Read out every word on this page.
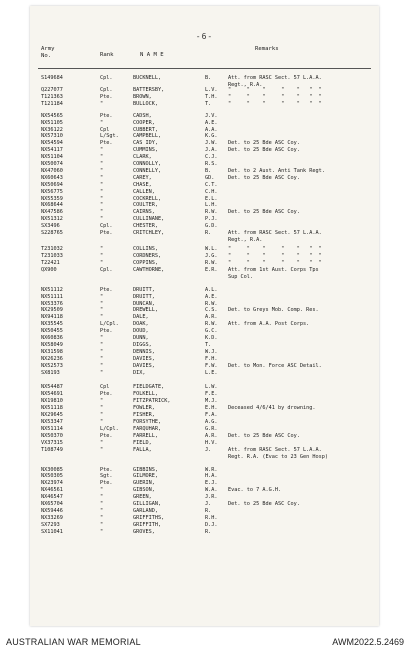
-6-
Army
No.	Rank	N A M E
Remarks
S149684	Cpl.	BUCKNELL,	B.	Att. from RASC Sect. 57 L.A.A.
Regt., R.A.
Q227077	Cpl.	BATTERSBY,	L.V. "     "    "     "    "   "  "
T121363	Pte.	BROWN,	T.H. "     "    "     "    "   "  "
T121184	"	BULLOCK,	T.	"     "    "     "    "   "  "
NX54565	Pte.	CADSH,	J.V.
NX51105	"	COOPER,	A.E.
NX36122	Cpl	CUBBERT,	A.A.
NX57310	L/Sgt.	CAMPBELL,	K.G.
NX54594	Pte.	CAS IDY,	J.W. Det. to 25 Bde ASC Coy.
NX54117	"	CUMMINS,	J.A. Det. to 25 Bde ASC Coy.
NX51104	"	CLARK,	C.J.
NX50074	"	CONNOLLY,	R.S.
NX47060	"	CONNELLY,	B.	Det. to 2 Aust. Anti Tank Regt.
NX60643	"	CAREY,	GD.	Det. to 25 Bde ASC Coy.
NX50694	"	CHASE,	C.T.
NX56775	"	CALLEN,	C.H.
NX55359	"	COCKRELL,	E.L.
NX68644	"	COULTER,	L.H.
NX47586	"	CAIRNS,	R.W. Det. to 25 Bde ASC Coy.
NX51312	"	CULLINANE,	P.J.
SX3496	Cpl.	CHESTER,	G.D.
S228765	Pte.	CRITCHLEY,	R.	Att. from RASC Sect. 57 L.A.A.
Regt., R.A.
T231032	"	COLLINS,	W.L. "     "    "     "    "   "  "
T231033	"	CORDNERS,	J.G. "     "    "     "    "   "  "
T22421	"	COPPINS,	R.W. "     "    "     "    "   "  "
QX900	Cpl.	CAWTHORNE,	E.R. Att. from 1st Aust. Corps Tps
Sup Col.
NX51112	Pte.	DRUITT,	A.L.
NX51111	"	DRUITT,	A.E.
NX53376	"	DUNCAN,	R.W.
NX29509	"	DREWELL,	C.S. Det. to Greys Mob. Comp. Res.
NX94118	"	DALE,	A.R.
NX35545	L/Cpl.	DOAK,	R.W. Att. from A.A. Post Corps.
NX50455	Pte.	DOUD,	G.C.
NX60836	"	DUNN,	K.D.
NX58049	"	DIGGS,	T.
NX31598	"	DENNIS,	W.J.
NX26236	"	DAVIES,	F.H.
NX52573	"	DAVIES,	F.W. Det. to Mon. Force ASC Detail.
SX8193	"	DIX,	L.E.
NX54487	Cpl	FIELDGATE,	L.W.
NX54691	Pte.	FOLKELL,	F.E.
NX19810	"	FITZPATRICK,	M.J.
NX51118	"	FOWLER,	E.H. Deceased 4/6/41 by drowning.
NX29645	"	FISHER,	F.A.
NX53347	"	FORSYTHE,	A.G.
NX51114	L/Cpl.	FARQUHAR,	G.R.
NX50370	Pte.	FARRELL,	A.R. Det. to 25 Bde ASC Coy.
VX37315	"	FIELD,	H.V.
T108749	"	FALLA,	J.	Att. from RASC Sect. 57 L.A.A.
Regt. R.A. (Evac to 23 Gen Hosp)
NX30085	Pte.	GIBBINS,	W.R.
NX50305	Sgt.	GILMORE,	H.A.
NX23974	Pte.	GUERIN,	E.J.
NX46561	"	GIBSON,	W.A. Evac. to 7 A.G.H.
NX46547	"	GREEN,	J.R.
NX65704	"	GILLIGAN,	J.	Det. to 25 Bde ASC Coy.
NX59446	"	GARLAND,	R.
NX33269	"	GRIFFITHS,	R.H.
SX7293	"	GRIFFITH,	D.J.
SX11041	"	GROVES,	R.
AUSTRALIAN WAR MEMORIAL	AWM2022.5.2469
